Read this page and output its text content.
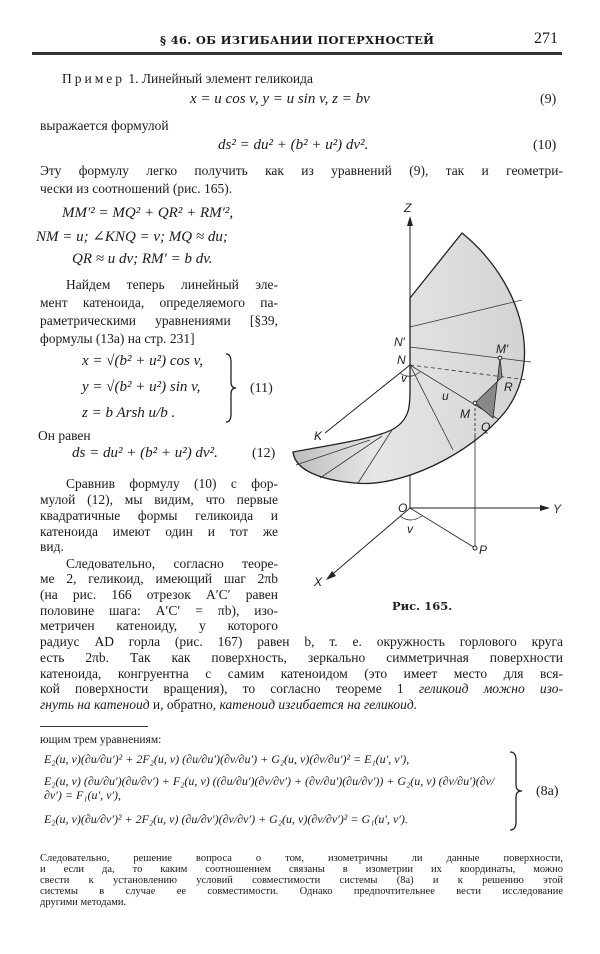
§ 46. ОБ ИЗГИБАНИИ ПОГЕРХНОСТЕЙ	271
Пример 1. Линейный элемент геликоида
x = u cos v, y = u sin v, z = bv	(9)
выражается формулой
ds² = du² + (b² + u²) dv².	(10)
Эту формулу легко получить как из уравнений (9), так и геометри-
чески из соотношений (рис. 165).
MM′² = MQ² + QR² + RM′²,
NM = u; ∠KNQ = v; MQ ≈ du;
QR ≈ u dv; RM′ = b dv.
Найдем теперь линейный эле-
мент катеноида, определяемого па-
раметрическими уравнениями [§39,
формулы (13а) на стр. 231]
x = √(b² + u²) cos v,
y = √(b² + u²) sin v,
z = b Arsh u/b .
(11)
Он равен
ds = du² + (b² + u²) dv². (12)
Сравнив формулу (10) с фор-
мулой (12), мы видим, что первые
квадратичные формы геликоида и
катеноида имеют один и тот же
вид.
Следовательно, согласно теоре-
ме 2, геликоид, имеющий шаг 2πb
(на рис. 166 отрезок A′C′ равен
половине шага: A′C′ = πb), изо-
метричен катеноиду, у которого
радиус AD горла (рис. 167) равен b, т. е. окружность горлового круга
есть 2πb. Так как поверхность, зеркально симметричная поверхности
катеноида, конгруентна с самим катеноидом (это имеет место для вся-
кой поверхности вращения), то согласно теореме 1 геликоид можно изо-
гнуть на катеноид и, обратно, катеноид изгибается на геликоид.
ющим трем уравнениям:
E₂(u, v)(∂u/∂u′)² + 2F₂(u, v) (∂u/∂u′)(∂v/∂u′) + G₂(u, v)(∂v/∂u′)² = E₁(u′, v′),
E₂(u, v) (∂u/∂u′)(∂u/∂v′) + F₂(u, v) ((∂u/∂u′)(∂v/∂v′) + (∂v/∂u′)(∂u/∂v′)) + G₂(u, v) (∂v/∂u′)(∂v/∂v′) = F₁(u′, v′),
E₂(u, v)(∂u/∂v′)² + 2F₂(u, v) (∂u/∂v′)(∂v/∂v′) + G₂(u, v)(∂v/∂v′)² = G₁(u′, v′).
(8а)
Следовательно, решение вопроса о том, изометричны ли данные поверхности,
и если да, то каким соотношением связаны в изометрии их координаты, можно
свести к установлению условий совместимости системы (8а) и к решению этой
системы в случае ее совместимости. Однако предпочтительнее вести исследование
другими методами.
Z
Y
X
O
P
K
N′
N
v
v
u
M
M′
R
Q
Рис. 165.
